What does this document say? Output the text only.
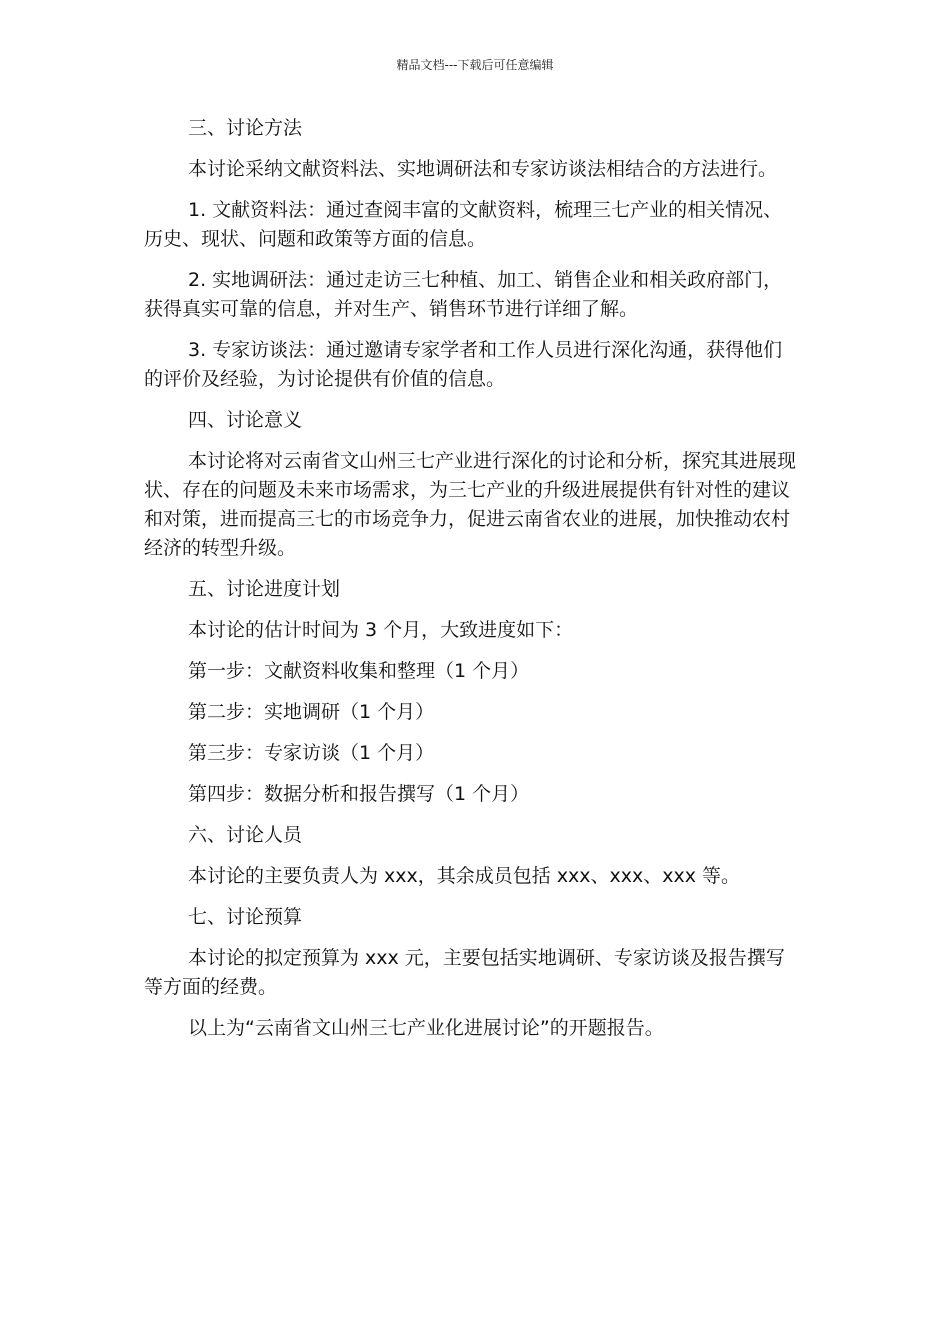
精品文档---下载后可任意编辑

三、讨论方法

本讨论采纳文献资料法、实地调研法和专家访谈法相结合的方法进行。

1. 文献资料法：通过查阅丰富的文献资料，梳理三七产业的相关情况、历史、现状、问题和政策等方面的信息。

2. 实地调研法：通过走访三七种植、加工、销售企业和相关政府部门，获得真实可靠的信息，并对生产、销售环节进行详细了解。

3. 专家访谈法：通过邀请专家学者和工作人员进行深化沟通，获得他们的评价及经验，为讨论提供有价值的信息。

四、讨论意义

本讨论将对云南省文山州三七产业进行深化的讨论和分析，探究其进展现状、存在的问题及未来市场需求，为三七产业的升级进展提供有针对性的建议和对策，进而提高三七的市场竞争力，促进云南省农业的进展，加快推动农村经济的转型升级。

五、讨论进度计划

本讨论的估计时间为 3 个月，大致进度如下：

第一步：文献资料收集和整理（1 个月）

第二步：实地调研（1 个月）

第三步：专家访谈（1 个月）

第四步：数据分析和报告撰写（1 个月）

六、讨论人员

本讨论的主要负责人为 xxx，其余成员包括 xxx、xxx、xxx 等。

七、讨论预算

本讨论的拟定预算为 xxx 元，主要包括实地调研、专家访谈及报告撰写等方面的经费。

以上为“云南省文山州三七产业化进展讨论”的开题报告。
